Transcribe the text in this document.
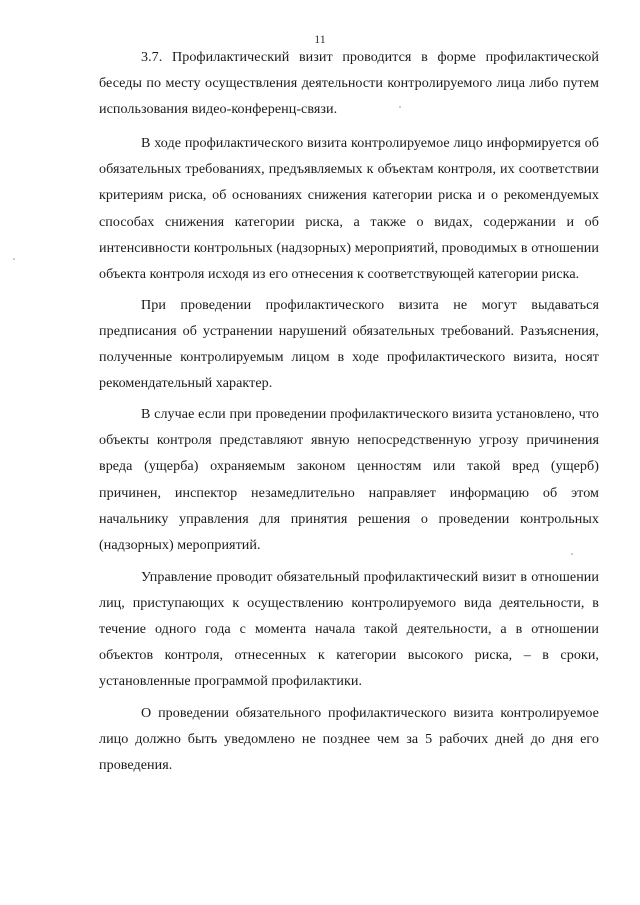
11

3.7. Профилактический визит проводится в форме профилактической беседы по месту осуществления деятельности контролируемого лица либо путем использования видео-конференц-связи.

В ходе профилактического визита контролируемое лицо информируется об обязательных требованиях, предъявляемых к объектам контроля, их соответствии критериям риска, об основаниях снижения категории риска и о рекомендуемых способах снижения категории риска, а также о видах, содержании и об интенсивности контрольных (надзорных) мероприятий, проводимых в отношении объекта контроля исходя из его отнесения к соответствующей категории риска.

При проведении профилактического визита не могут выдаваться предписания об устранении нарушений обязательных требований. Разъяснения, полученные контролируемым лицом в ходе профилактического визита, носят рекомендательный характер.

В случае если при проведении профилактического визита установлено, что объекты контроля представляют явную непосредственную угрозу причинения вреда (ущерба) охраняемым законом ценностям или такой вред (ущерб) причинен, инспектор незамедлительно направляет информацию об этом начальнику управления для принятия решения о проведении контрольных (надзорных) мероприятий.

Управление проводит обязательный профилактический визит в отношении лиц, приступающих к осуществлению контролируемого вида деятельности, в течение одного года с момента начала такой деятельности, а в отношении объектов контроля, отнесенных к категории высокого риска, – в сроки, установленные программой профилактики.

О проведении обязательного профилактического визита контролируемое лицо должно быть уведомлено не позднее чем за 5 рабочих дней до дня его проведения.
